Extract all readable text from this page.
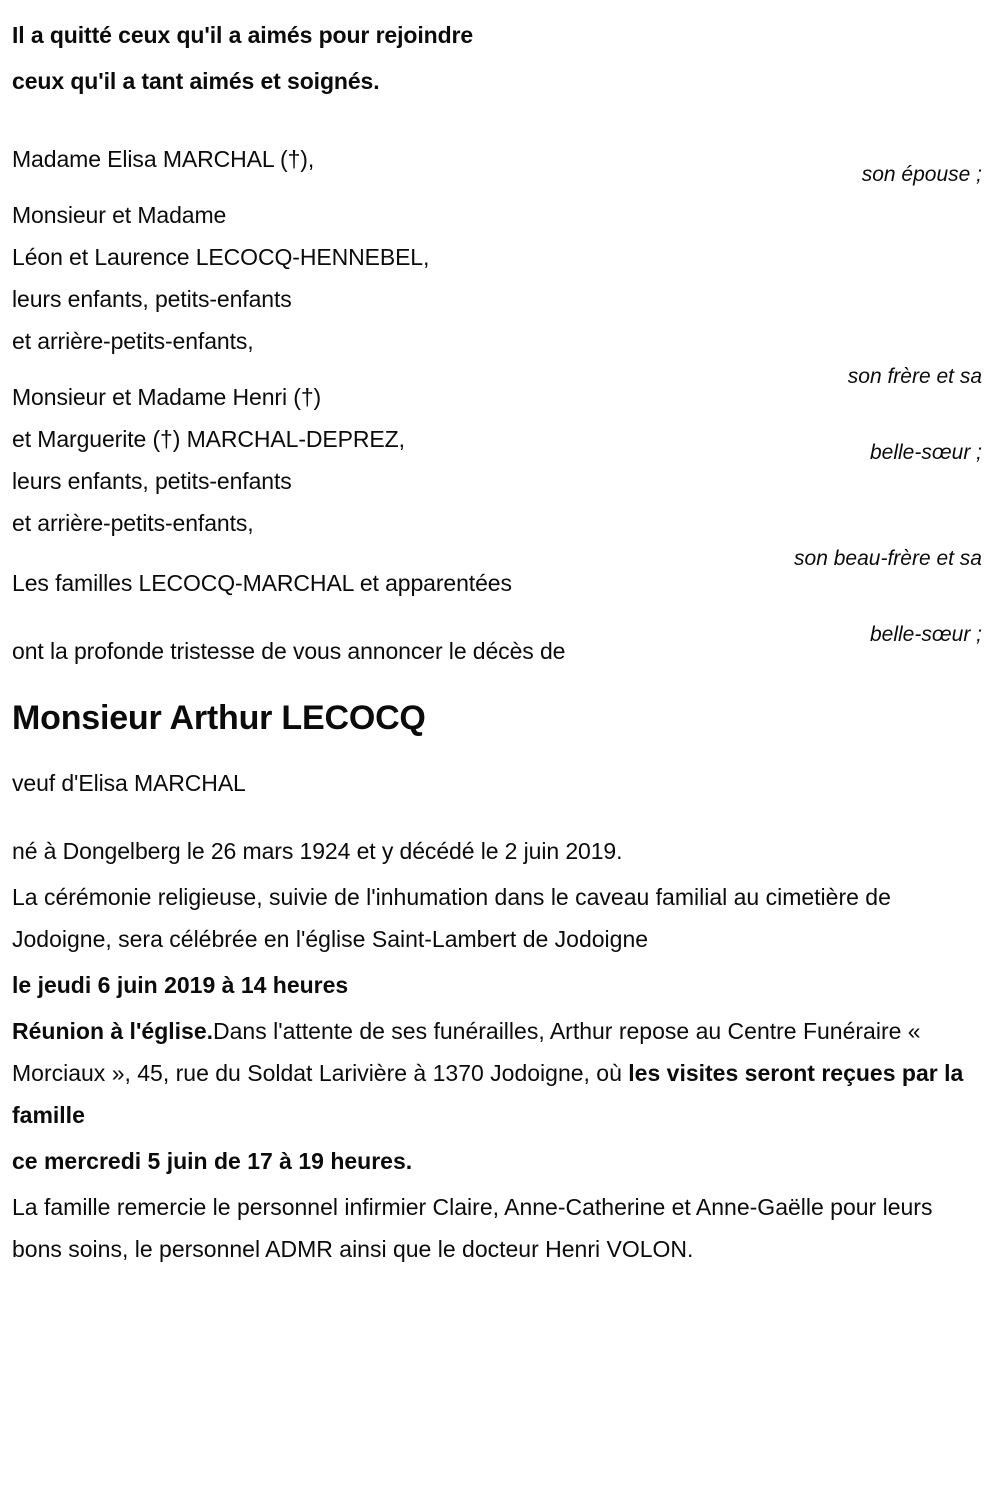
Il a quitté ceux qu'il a aimés pour rejoindre
ceux qu'il a tant aimés et soignés.
Madame Elisa MARCHAL (†),
son épouse ;
Monsieur et Madame
Léon et Laurence LECOCQ-HENNEBEL,
leurs enfants, petits-enfants
et arrière-petits-enfants,

son frère et sa

belle-sœur ;

Monsieur et Madame Henri (†)
et Marguerite (†) MARCHAL-DEPREZ,
leurs enfants, petits-enfants
et arrière-petits-enfants,

son beau-frère et sa

belle-sœur ;

Les familles LECOCQ-MARCHAL et apparentées
ont la profonde tristesse de vous annoncer le décès de
Monsieur Arthur LECOCQ
veuf d'Elisa MARCHAL
né à Dongelberg le 26 mars 1924 et y décédé le 2 juin 2019.
La cérémonie religieuse, suivie de l'inhumation dans le caveau familial au cimetière de Jodoigne, sera célébrée en l'église Saint-Lambert de Jodoigne
le jeudi 6 juin 2019 à 14 heures
Réunion à l'église.Dans l'attente de ses funérailles, Arthur repose au Centre Funéraire « Morciaux », 45, rue du Soldat Larivière à 1370 Jodoigne, où les visites seront reçues par la famille
ce mercredi 5 juin de 17 à 19 heures.
La famille remercie le personnel infirmier Claire, Anne-Catherine et Anne-Gaëlle pour leurs bons soins, le personnel ADMR ainsi que le docteur Henri VOLON.
